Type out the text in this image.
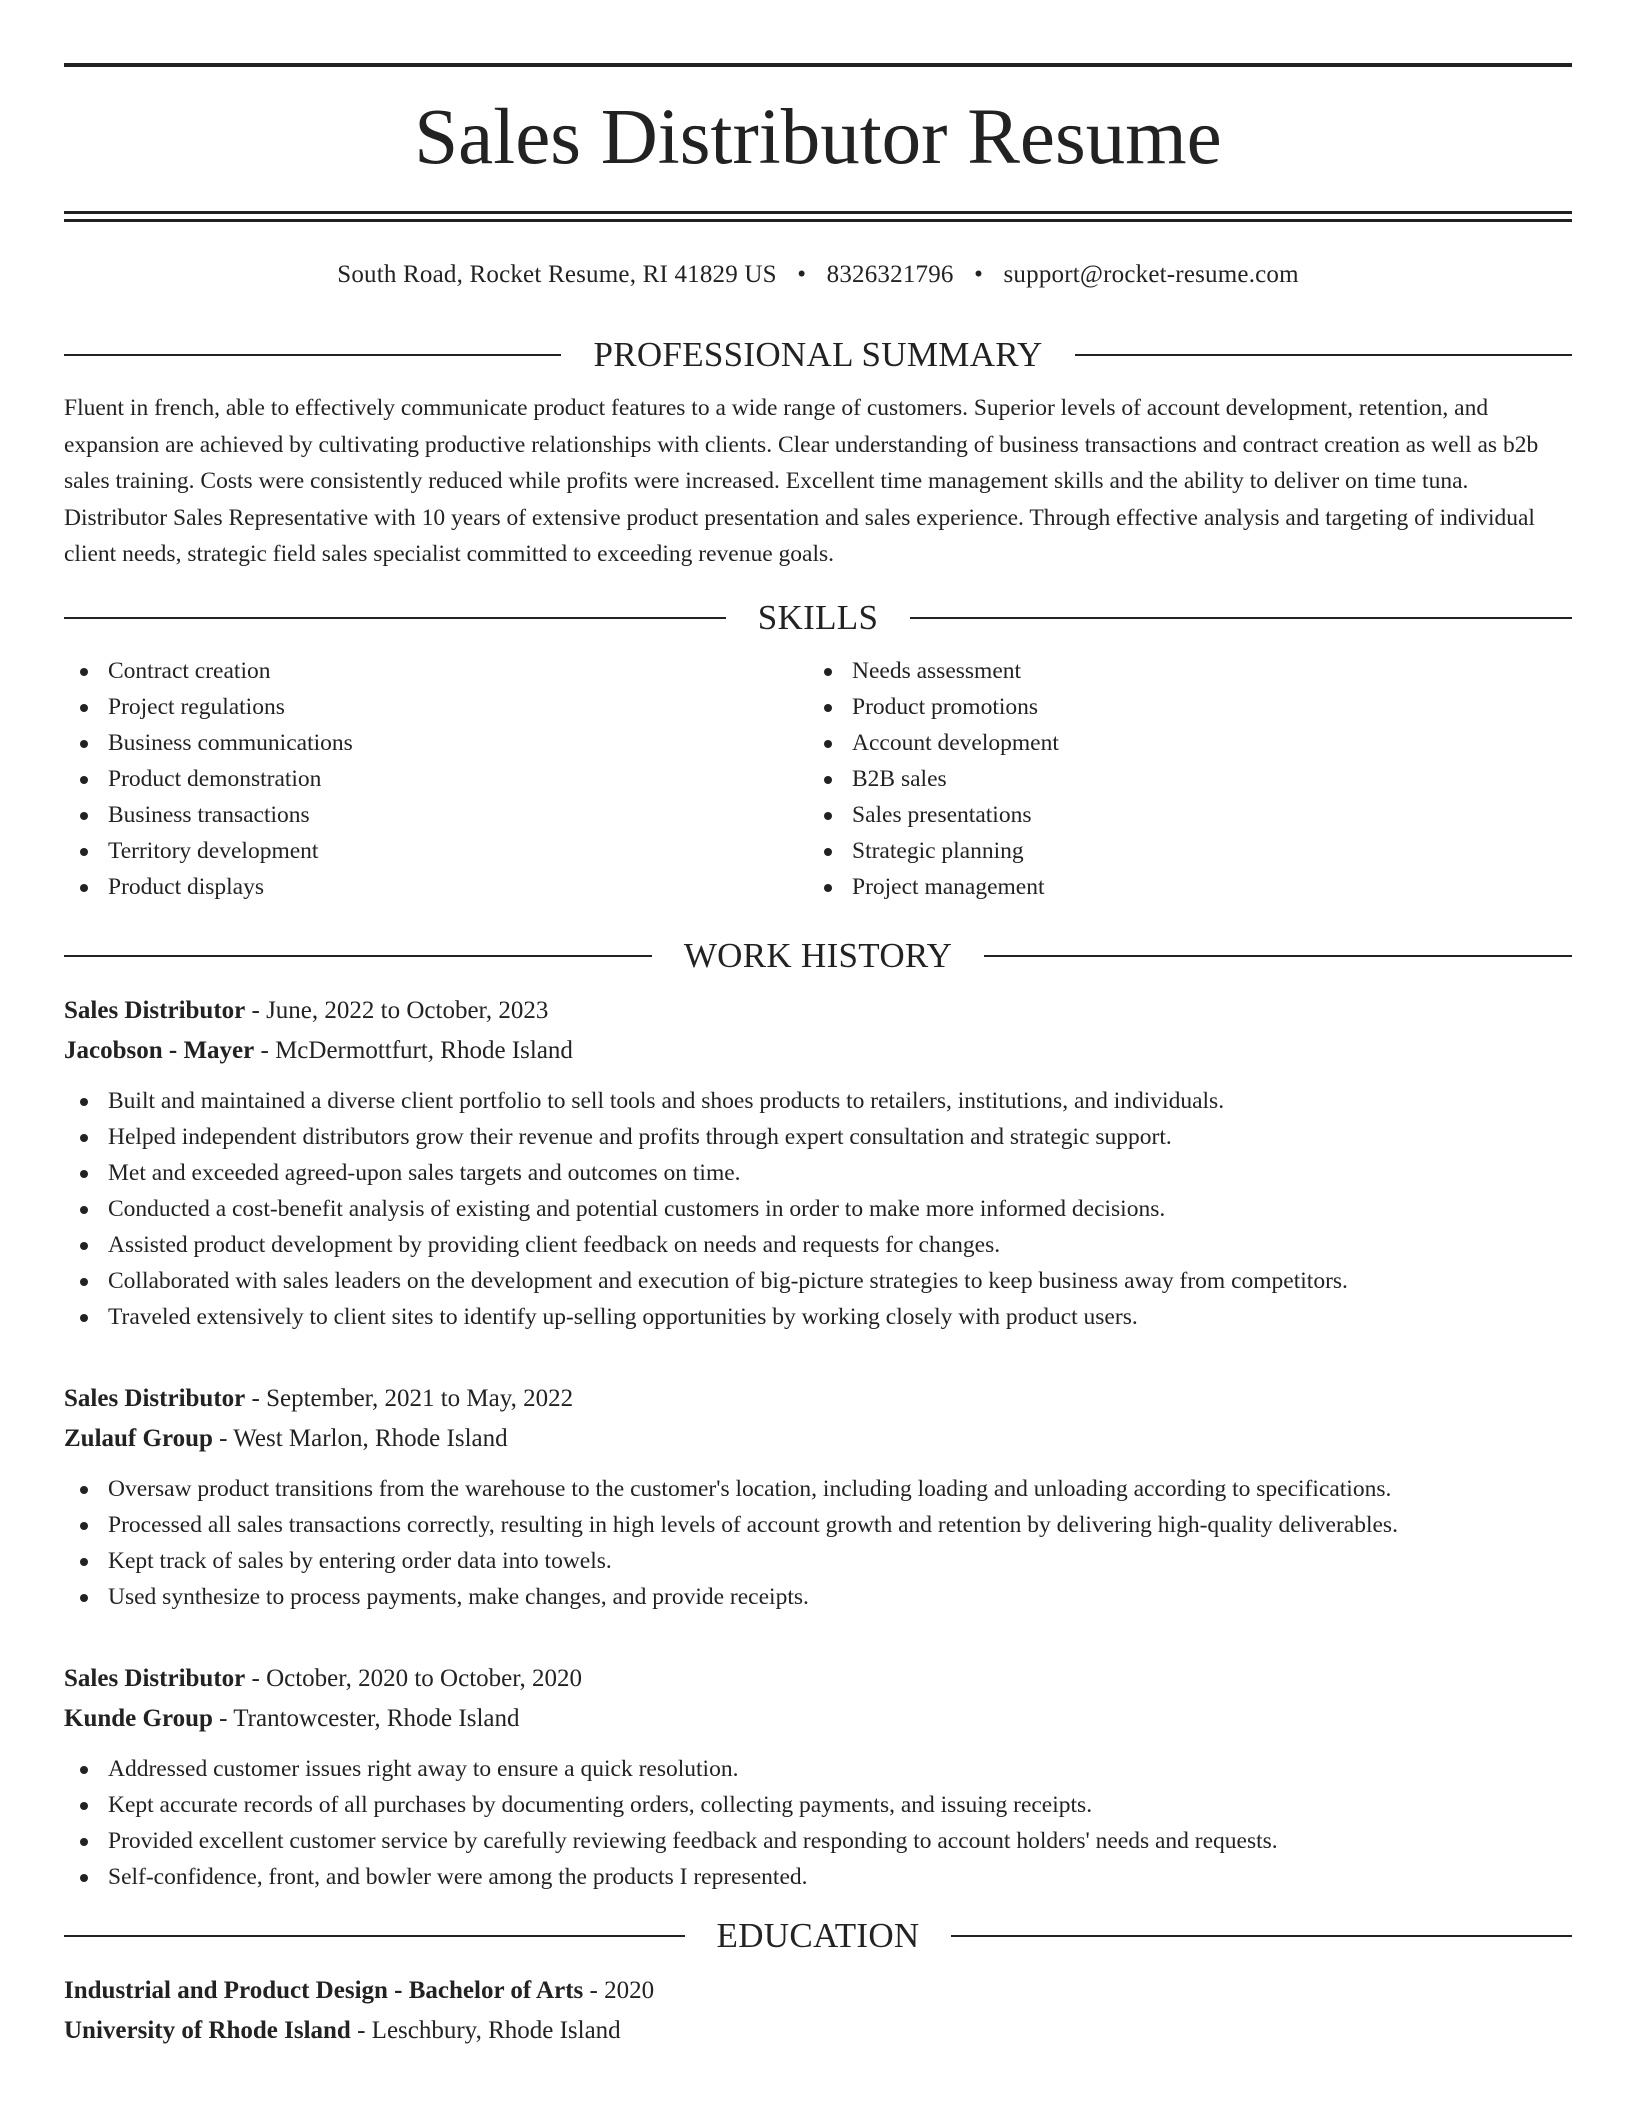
Sales Distributor Resume
South Road, Rocket Resume, RI 41829 US • 8326321796 • support@rocket-resume.com
PROFESSIONAL SUMMARY

Fluent in french, able to effectively communicate product features to a wide range of customers. Superior levels of account development, retention, and expansion are achieved by cultivating productive relationships with clients. Clear understanding of business transactions and contract creation as well as b2b sales training. Costs were consistently reduced while profits were increased. Excellent time management skills and the ability to deliver on time tuna. Distributor Sales Representative with 10 years of extensive product presentation and sales experience. Through effective analysis and targeting of individual client needs, strategic field sales specialist committed to exceeding revenue goals.

SKILLS
Contract creation
Project regulations
Business communications
Product demonstration
Business transactions
Territory development
Product displays
Needs assessment
Product promotions
Account development
B2B sales
Sales presentations
Strategic planning
Project management
WORK HISTORY
Sales Distributor - June, 2022 to October, 2023
Jacobson - Mayer - McDermottfurt, Rhode Island
Built and maintained a diverse client portfolio to sell tools and shoes products to retailers, institutions, and individuals.
Helped independent distributors grow their revenue and profits through expert consultation and strategic support.
Met and exceeded agreed-upon sales targets and outcomes on time.
Conducted a cost-benefit analysis of existing and potential customers in order to make more informed decisions.
Assisted product development by providing client feedback on needs and requests for changes.
Collaborated with sales leaders on the development and execution of big-picture strategies to keep business away from competitors.
Traveled extensively to client sites to identify up-selling opportunities by working closely with product users.
Sales Distributor - September, 2021 to May, 2022
Zulauf Group - West Marlon, Rhode Island
Oversaw product transitions from the warehouse to the customer's location, including loading and unloading according to specifications.
Processed all sales transactions correctly, resulting in high levels of account growth and retention by delivering high-quality deliverables.
Kept track of sales by entering order data into towels.
Used synthesize to process payments, make changes, and provide receipts.
Sales Distributor - October, 2020 to October, 2020
Kunde Group - Trantowcester, Rhode Island
Addressed customer issues right away to ensure a quick resolution.
Kept accurate records of all purchases by documenting orders, collecting payments, and issuing receipts.
Provided excellent customer service by carefully reviewing feedback and responding to account holders' needs and requests.
Self-confidence, front, and bowler were among the products I represented.
EDUCATION
Industrial and Product Design - Bachelor of Arts - 2020
University of Rhode Island - Leschbury, Rhode Island
